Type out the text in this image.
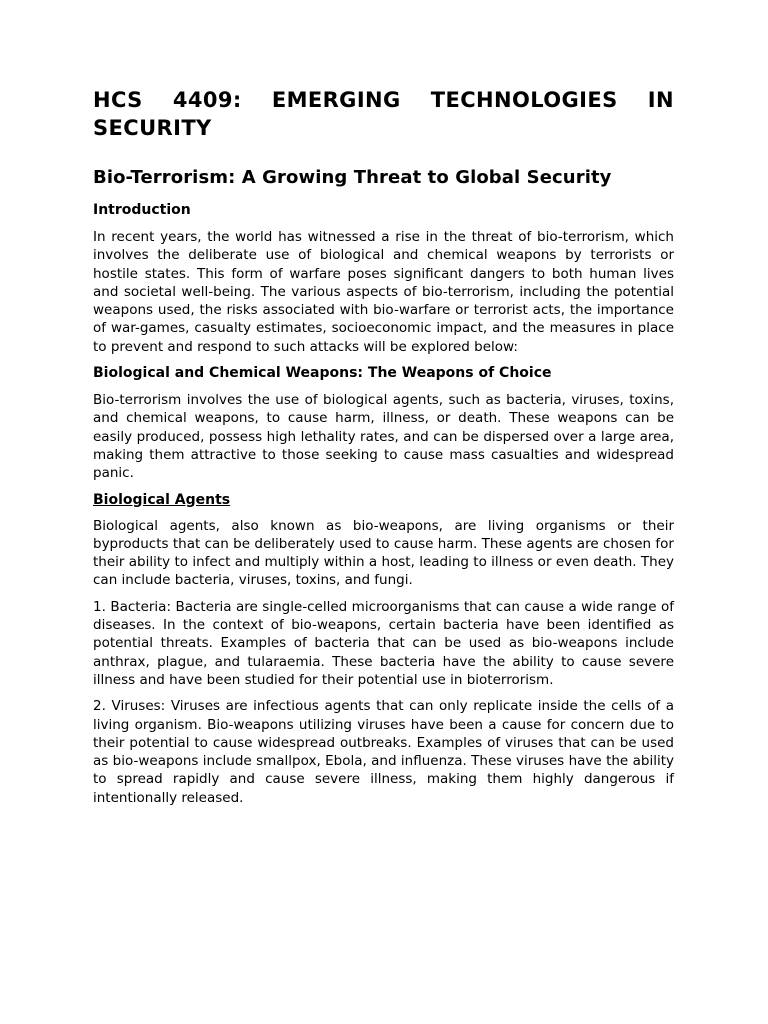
HCS 4409: EMERGING TECHNOLOGIES IN SECURITY
Bio-Terrorism: A Growing Threat to Global Security
Introduction

In recent years, the world has witnessed a rise in the threat of bio-terrorism, which involves the deliberate use of biological and chemical weapons by terrorists or hostile states. This form of warfare poses significant dangers to both human lives and societal well-being. The various aspects of bio-terrorism, including the potential weapons used, the risks associated with bio-warfare or terrorist acts, the importance of war-games, casualty estimates, socioeconomic impact, and the measures in place to prevent and respond to such attacks will be explored below:

Biological and Chemical Weapons: The Weapons of Choice

Bio-terrorism involves the use of biological agents, such as bacteria, viruses, toxins, and chemical weapons, to cause harm, illness, or death. These weapons can be easily produced, possess high lethality rates, and can be dispersed over a large area, making them attractive to those seeking to cause mass casualties and widespread panic.

Biological Agents

Biological agents, also known as bio-weapons, are living organisms or their byproducts that can be deliberately used to cause harm. These agents are chosen for their ability to infect and multiply within a host, leading to illness or even death. They can include bacteria, viruses, toxins, and fungi.

1. Bacteria: Bacteria are single-celled microorganisms that can cause a wide range of diseases. In the context of bio-weapons, certain bacteria have been identified as potential threats. Examples of bacteria that can be used as bio-weapons include anthrax, plague, and tularaemia. These bacteria have the ability to cause severe illness and have been studied for their potential use in bioterrorism.

2. Viruses: Viruses are infectious agents that can only replicate inside the cells of a living organism. Bio-weapons utilizing viruses have been a cause for concern due to their potential to cause widespread outbreaks. Examples of viruses that can be used as bio-weapons include smallpox, Ebola, and influenza. These viruses have the ability to spread rapidly and cause severe illness, making them highly dangerous if intentionally released.
